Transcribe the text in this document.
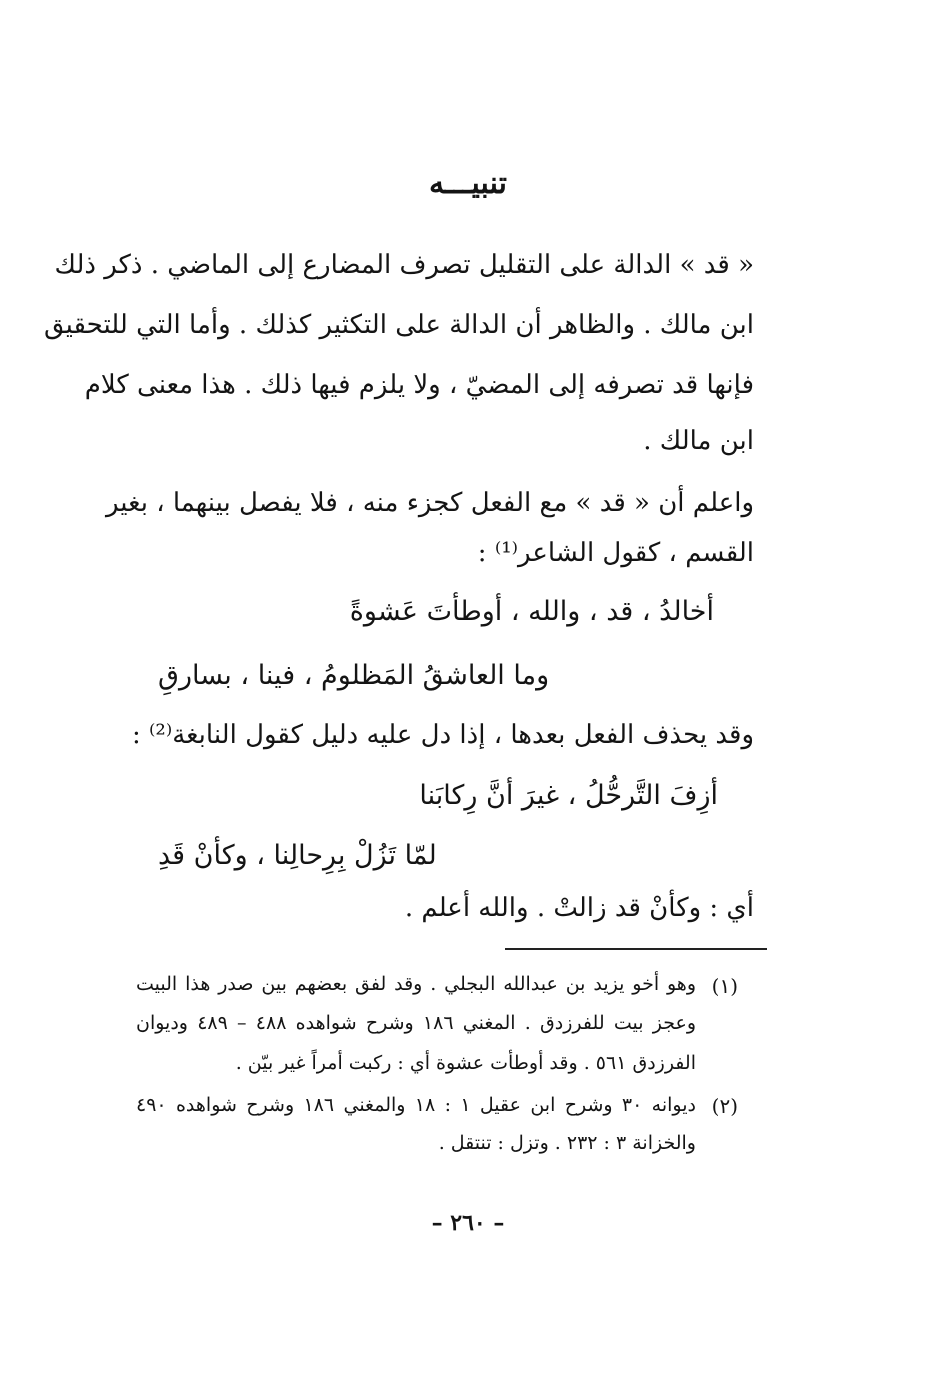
تنبيـــه
« قد » الدالة على التقليل تصرف المضارع إلى الماضي . ذكر ذلك
ابن مالك . والظاهر أن الدالة على التكثير كذلك . وأما التي للتحقيق
فإنها قد تصرفه إلى المضيّ ، ولا يلزم فيها ذلك . هذا معنى كلام
ابن مالك .
واعلم أن « قد » مع الفعل كجزء منه ، فلا يفصل بينهما ، بغير
القسم ، كقول الشاعر⁽¹⁾ :
أخالدُ ، قد ، والله ، أوطأتَ عَشوةً
وما العاشقُ المَظلومُ ، فينا ، بسارقِ
وقد يحذف الفعل بعدها ، إذا دل عليه دليل كقول النابغة⁽²⁾ :
أزِفَ التَّرحُّلُ ، غيرَ أنَّ رِكابَنا
لمّا تَزُلْ بِرِحالِنا ، وكأنْ قَدِ
أي : وكأنْ قد زالتْ . والله أعلم .
(١)
وهو أخو يزيد بن عبدالله البجلي . وقد لفق بعضهم بين صدر هذا البيت
وعجز بيت للفرزدق . المغني ١٨٦ وشرح شواهده ٤٨٨ – ٤٨٩ وديوان
الفرزدق ٥٦١ . وقد أوطأت عشوة أي : ركبت أمراً غير بيّن .
(٢)
ديوانه ٣٠ وشرح ابن عقيل ١ : ١٨ والمغني ١٨٦ وشرح شواهده ٤٩٠
والخزانة ٣ : ٢٣٢ . وتزل : تنتقل .
– ٢٦٠ –
